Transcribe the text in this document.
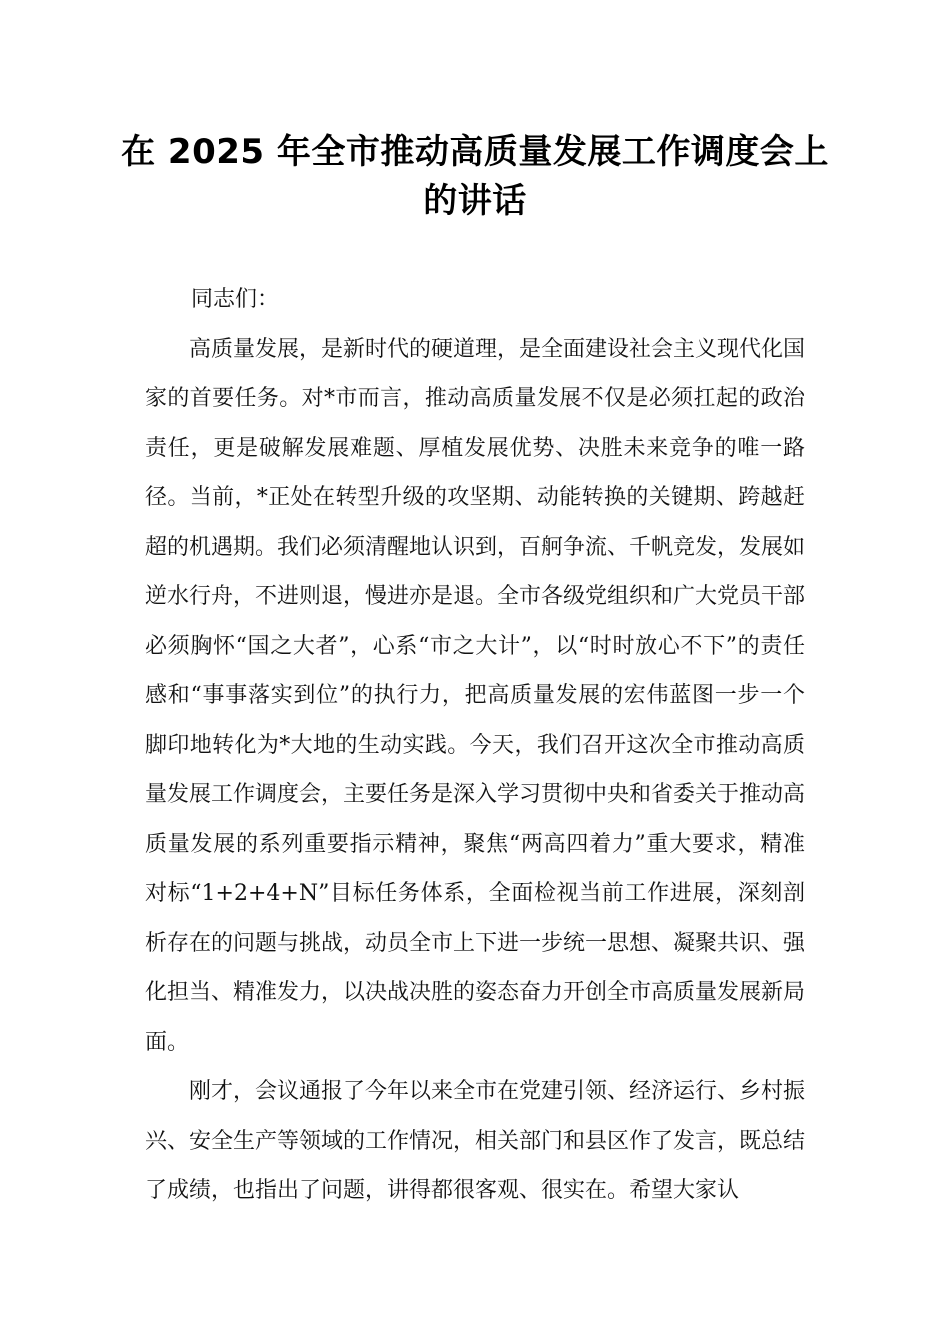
在 2025 年全市推动高质量发展工作调度会上的讲话

同志们：

高质量发展，是新时代的硬道理，是全面建设社会主义现代化国家的首要任务。对*市而言，推动高质量发展不仅是必须扛起的政治责任，更是破解发展难题、厚植发展优势、决胜未来竞争的唯一路径。当前，*正处在转型升级的攻坚期、动能转换的关键期、跨越赶超的机遇期。我们必须清醒地认识到，百舸争流、千帆竞发，发展如逆水行舟，不进则退，慢进亦是退。全市各级党组织和广大党员干部必须胸怀“国之大者”，心系“市之大计”，以“时时放心不下”的责任感和“事事落实到位”的执行力，把高质量发展的宏伟蓝图一步一个脚印地转化为*大地的生动实践。今天，我们召开这次全市推动高质量发展工作调度会，主要任务是深入学习贯彻中央和省委关于推动高质量发展的系列重要指示精神，聚焦“两高四着力”重大要求，精准对标“1+2+4+N”目标任务体系，全面检视当前工作进展，深刻剖析存在的问题与挑战，动员全市上下进一步统一思想、凝聚共识、强化担当、精准发力，以决战决胜的姿态奋力开创全市高质量发展新局面。

刚才，会议通报了今年以来全市在党建引领、经济运行、乡村振兴、安全生产等领域的工作情况，相关部门和县区作了发言，既总结了成绩，也指出了问题，讲得都很客观、很实在。希望大家认
